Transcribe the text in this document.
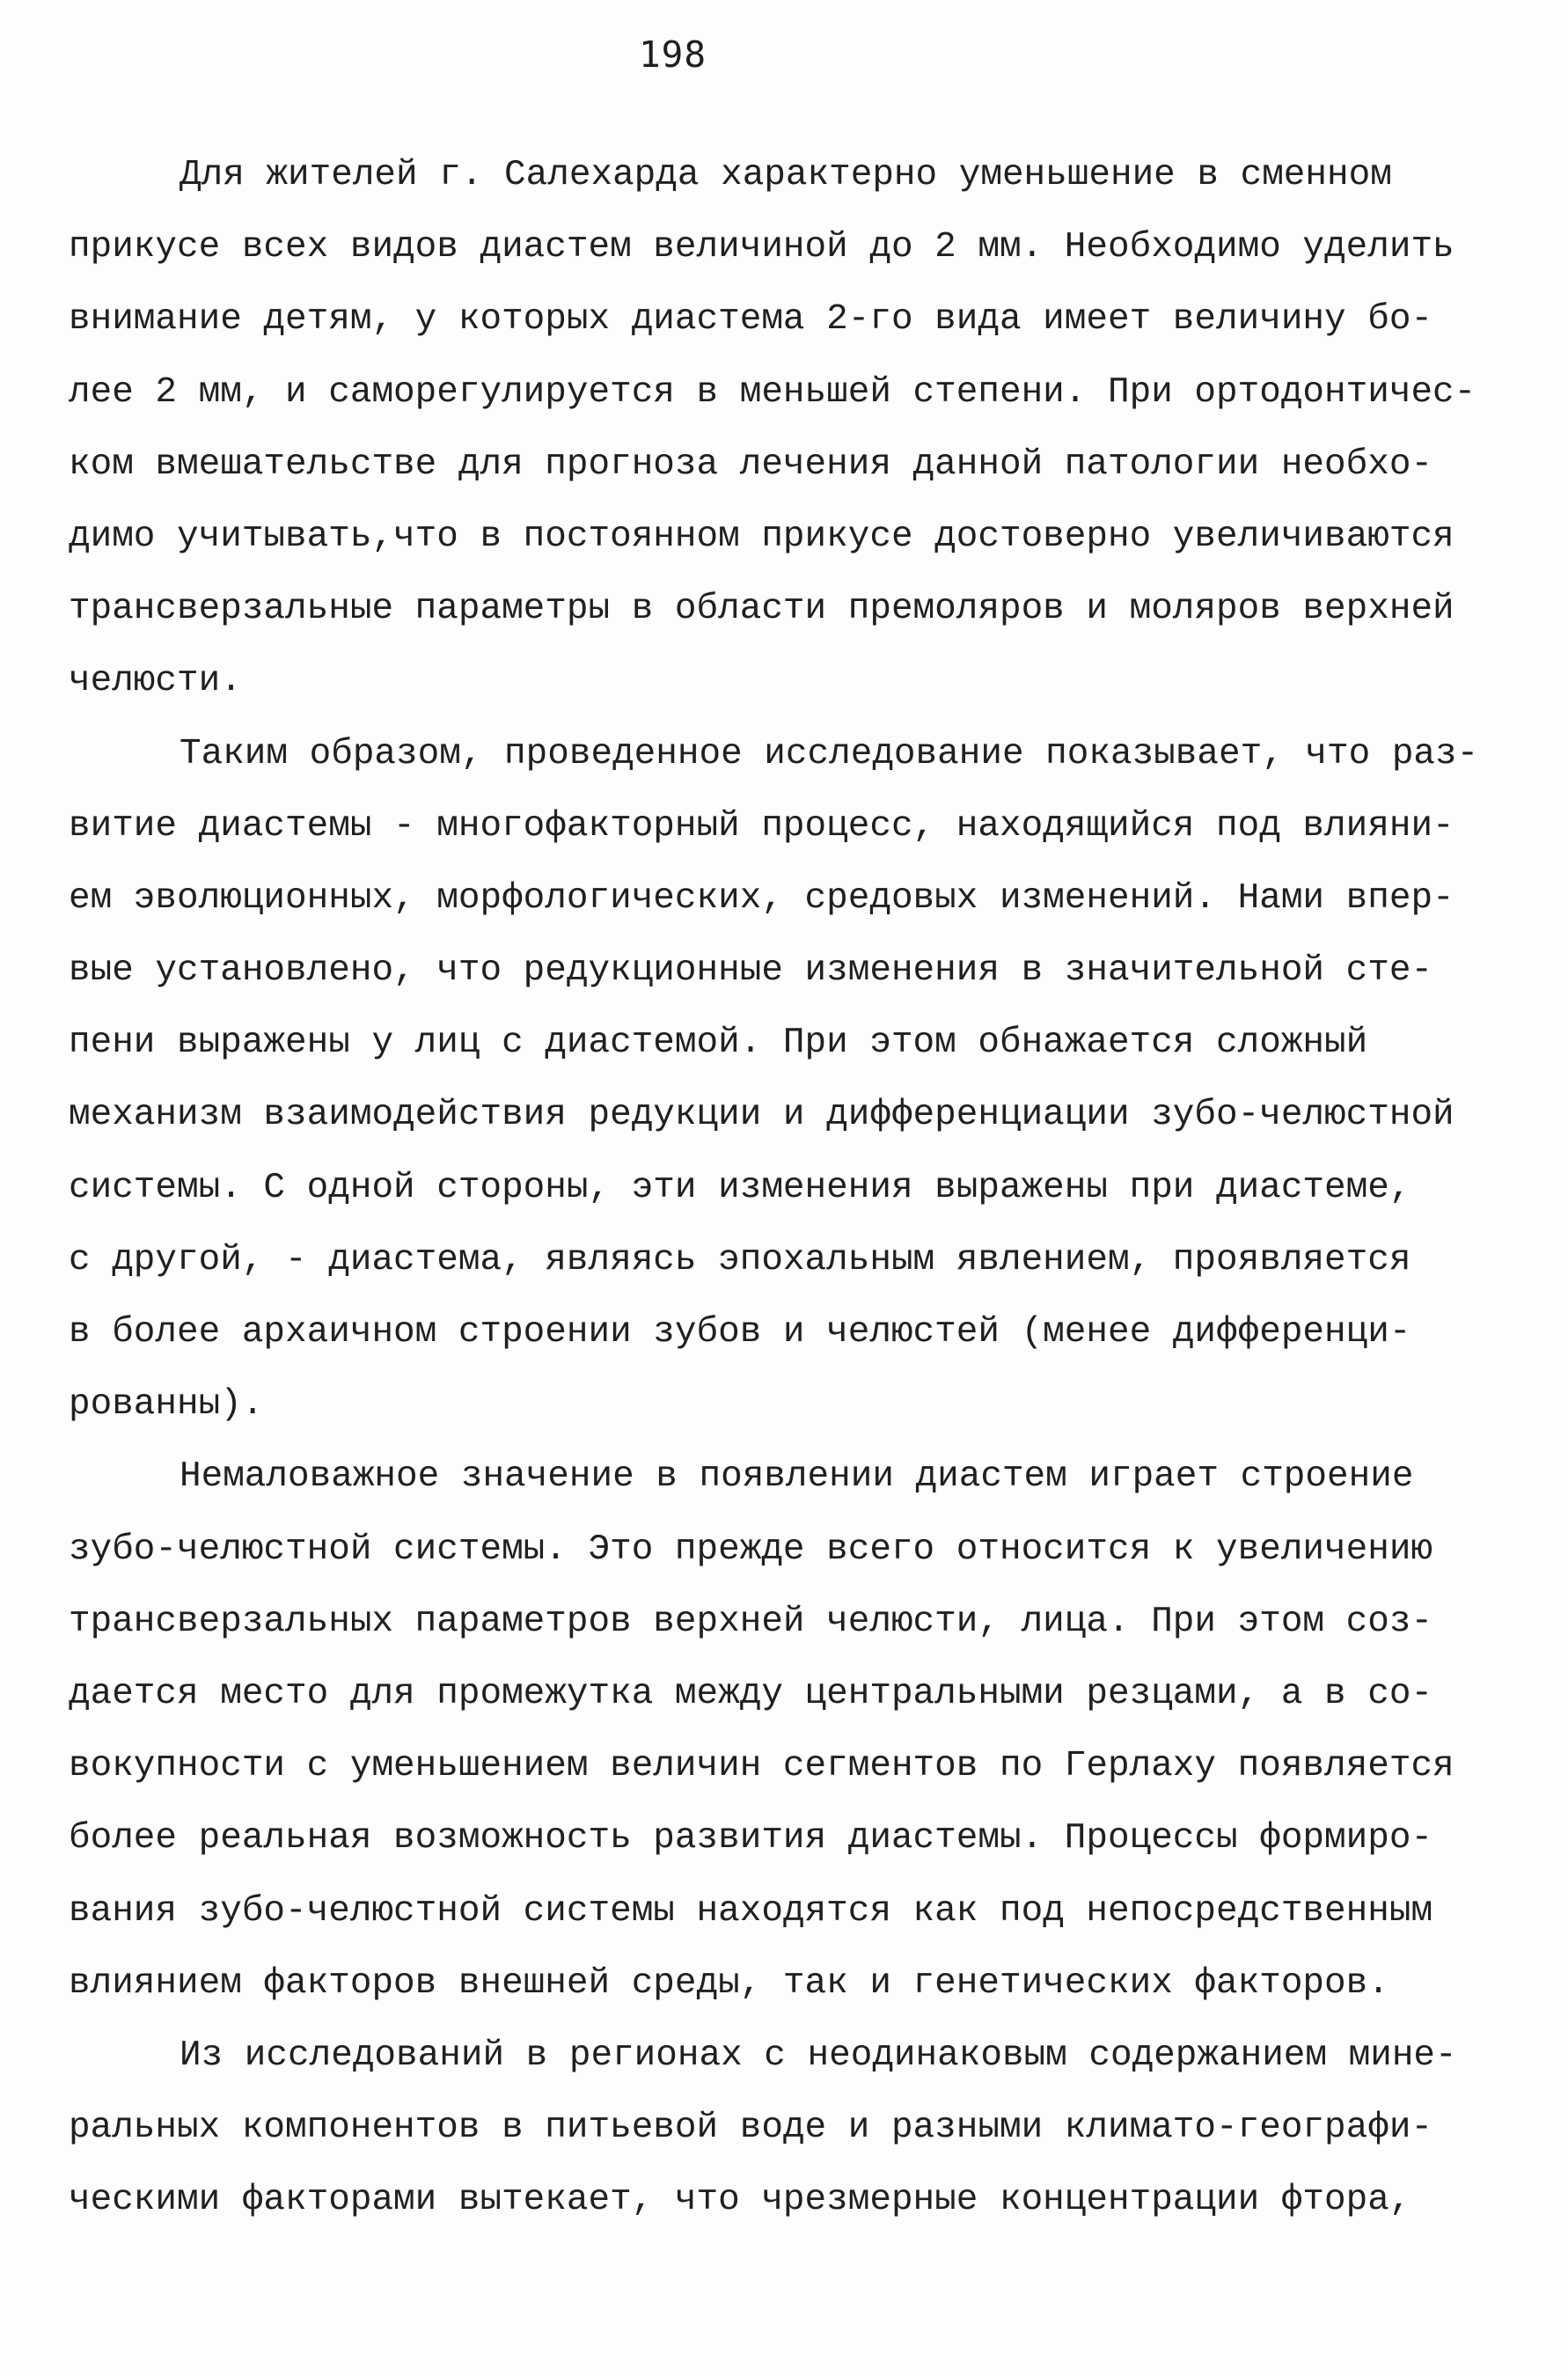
198
Для жителей г. Салехарда характерно уменьшение в сменном
прикусе всех видов диастем величиной до 2 мм. Необходимо уделить
внимание детям, у которых диастема 2-го вида имеет величину бо-
лее 2 мм, и саморегулируется в меньшей степени. При ортодонтичес-
ком вмешательстве для прогноза лечения данной патологии необхо-
димо учитывать,что в постоянном прикусе достоверно увеличиваются
трансверзальные параметры в области премоляров и моляров верхней
челюсти.
Таким образом, проведенное исследование показывает, что раз-
витие диастемы - многофакторный процесс, находящийся под влияни-
ем эволюционных, морфологических, средовых изменений. Нами впер-
вые установлено, что редукционные изменения в значительной сте-
пени выражены у лиц с диастемой. При этом обнажается сложный
механизм взаимодействия редукции и дифференциации зубо-челюстной
системы. С одной стороны, эти изменения выражены при диастеме,
с другой, - диастема, являясь эпохальным явлением, проявляется
в более архаичном строении зубов и челюстей (менее дифференци-
рованны).
Немаловажное значение в появлении диастем играет строение
зубо-челюстной системы. Это прежде всего относится к увеличению
трансверзальных параметров верхней челюсти, лица. При этом соз-
дается место для промежутка между центральными резцами, а в со-
вокупности с уменьшением величин сегментов по Герлаху появляется
более реальная возможность развития диастемы. Процессы формиро-
вания зубо-челюстной системы находятся как под непосредственным
влиянием факторов внешней среды, так и генетических факторов.
Из исследований в регионах с неодинаковым содержанием мине-
ральных компонентов в питьевой воде и разными климато-географи-
ческими факторами вытекает, что чрезмерные концентрации фтора,
